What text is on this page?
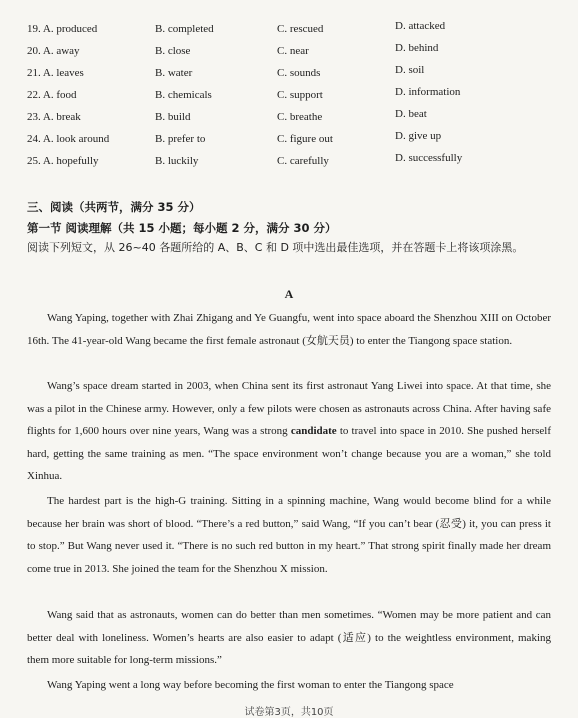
19. A. produced	B. completed	C. rescued	D. attacked
20. A. away	B. close	C. near	D. behind
21. A. leaves	B. water	C. sounds	D. soil
22. A. food	B. chemicals	C. support	D. information
23. A. break	B. build	C. breathe	D. beat
24. A. look around	B. prefer to	C. figure out	D. give up
25. A. hopefully	B. luckily	C. carefully	D. successfully
三、阅读（共两节，满分 35 分）
第一节 阅读理解（共 15 小题；每小题 2 分，满分 30 分）
阅读下列短文，从 26~40 各题所给的 A、B、C 和 D 项中选出最佳选项，并在答题卡上将该项涂黑。
A
Wang Yaping, together with Zhai Zhigang and Ye Guangfu, went into space aboard the Shenzhou XIII on October 16th. The 41-year-old Wang became the first female astronaut (女航天员) to enter the Tiangong space station.
Wang’s space dream started in 2003, when China sent its first astronaut Yang Liwei into space. At that time, she was a pilot in the Chinese army. However, only a few pilots were chosen as astronauts across China. After having safe flights for 1,600 hours over nine years, Wang was a strong candidate to travel into space in 2010. She pushed herself hard, getting the same training as men. “The space environment won’t change because you are a woman,” she told Xinhua.
The hardest part is the high-G training. Sitting in a spinning machine, Wang would become blind for a while because her brain was short of blood. “There’s a red button,” said Wang, “If you can’t bear (忍受) it, you can press it to stop.” But Wang never used it. “There is no such red button in my heart.” That strong spirit finally made her dream come true in 2013. She joined the team for the Shenzhou X mission.
Wang said that as astronauts, women can do better than men sometimes. “Women may be more patient and can better deal with loneliness. Women’s hearts are also easier to adapt (适应) to the weightless environment, making them more suitable for long-term missions.”
Wang Yaping went a long way before becoming the first woman to enter the Tiangong space
试卷第3页，共10页
